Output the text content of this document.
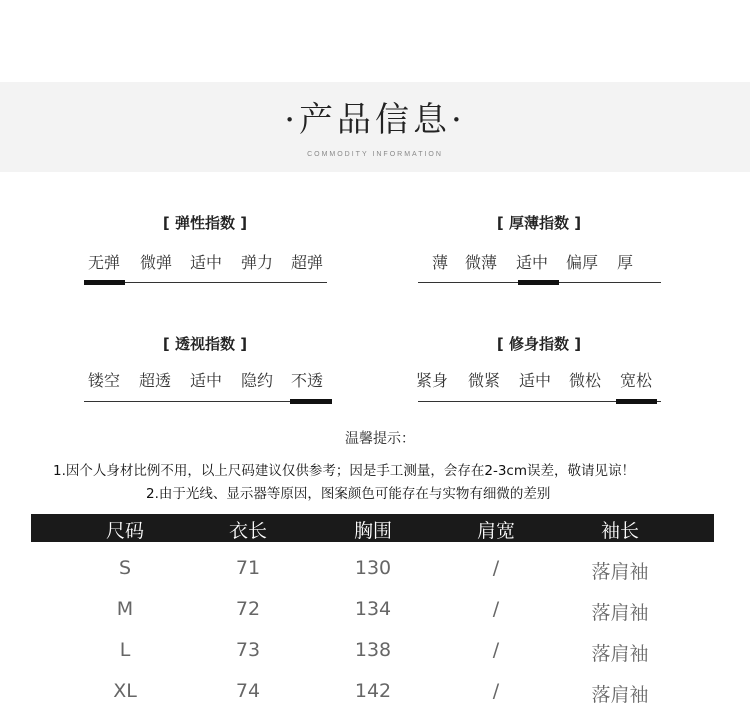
·产品信息·
COMMODITY INFORMATION
[ 弹性指数 ]
无弹 微弹 适中 弹力 超弹
[ 厚薄指数 ]
薄 微薄 适中 偏厚 厚
[ 透视指数 ]
镂空 超透 适中 隐约 不透
[ 修身指数 ]
紧身 微紧 适中 微松 宽松
温馨提示：
1.因个人身材比例不用，以上尺码建议仅供参考；因是手工测量，会存在2-3cm误差，敬请见谅！
2.由于光线、显示器等原因，图案颜色可能存在与实物有细微的差别
尺码	衣长	胸围	肩宽	袖长
S	71	130	/	落肩袖
M	72	134	/	落肩袖
L	73	138	/	落肩袖
XL	74	142	/	落肩袖
